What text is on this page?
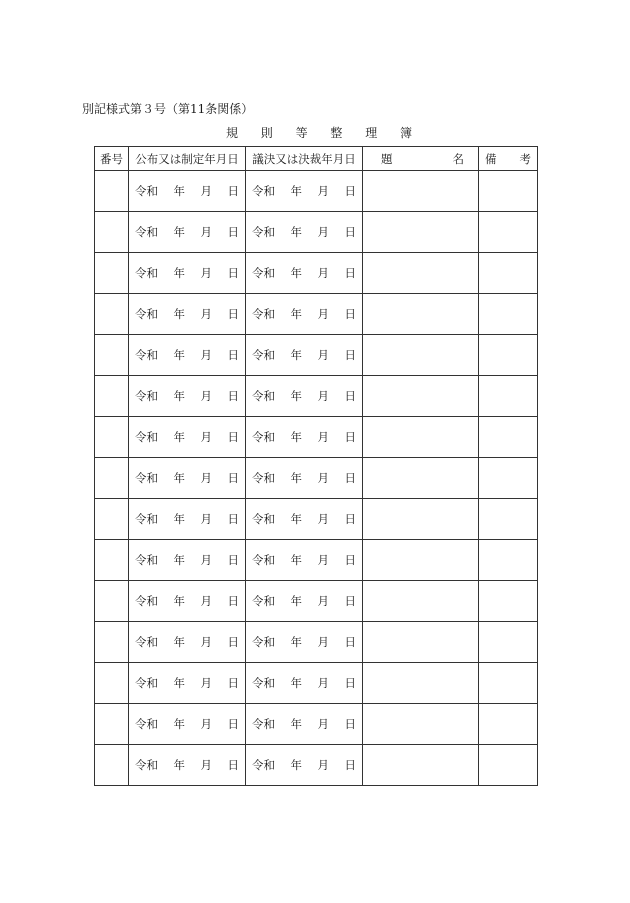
別記様式第３号（第11条関係）
規 則 等 整 理 簿
番号	公布又は制定年月日	議決又は決裁年月日	題 名	備 考

	令和 年 月 日	令和 年 月 日		

	令和 年 月 日	令和 年 月 日		

	令和 年 月 日	令和 年 月 日		

	令和 年 月 日	令和 年 月 日		

	令和 年 月 日	令和 年 月 日		

	令和 年 月 日	令和 年 月 日		

	令和 年 月 日	令和 年 月 日		

	令和 年 月 日	令和 年 月 日		

	令和 年 月 日	令和 年 月 日		

	令和 年 月 日	令和 年 月 日		

	令和 年 月 日	令和 年 月 日		

	令和 年 月 日	令和 年 月 日		

	令和 年 月 日	令和 年 月 日		

	令和 年 月 日	令和 年 月 日		

	令和 年 月 日	令和 年 月 日		
